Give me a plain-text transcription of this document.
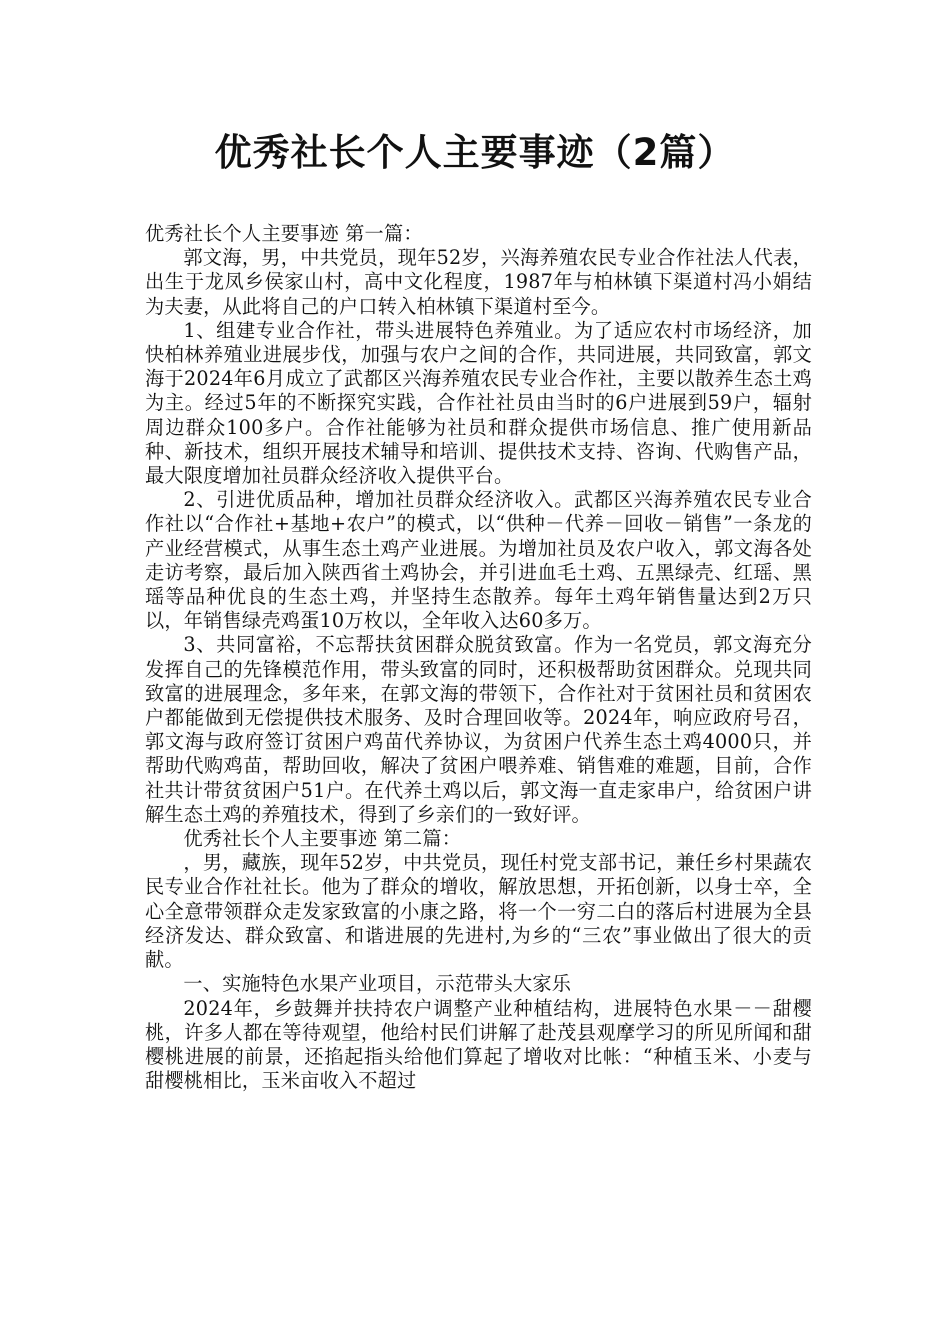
优秀社长个人主要事迹（2篇）

优秀社长个人主要事迹 第一篇：

郭文海，男，中共党员，现年52岁，兴海养殖农民专业合作社法人代表，出生于龙凤乡侯家山村，高中文化程度，1987年与柏林镇下渠道村冯小娟结为夫妻，从此将自己的户口转入柏林镇下渠道村至今。

1、组建专业合作社，带头进展特色养殖业。为了适应农村市场经济，加快柏林养殖业进展步伐，加强与农户之间的合作，共同进展，共同致富，郭文海于2024年6月成立了武都区兴海养殖农民专业合作社，主要以散养生态土鸡为主。经过5年的不断探究实践，合作社社员由当时的6户进展到59户，辐射周边群众100多户。合作社能够为社员和群众提供市场信息、推广使用新品种、新技术，组织开展技术辅导和培训、提供技术支持、咨询、代购售产品，最大限度增加社员群众经济收入提供平台。

2、引进优质品种，增加社员群众经济收入。武都区兴海养殖农民专业合作社以“合作社+基地+农户”的模式，以“供种－代养－回收－销售”一条龙的产业经营模式，从事生态土鸡产业进展。为增加社员及农户收入，郭文海各处走访考察，最后加入陕西省土鸡协会，并引进血毛土鸡、五黑绿壳、红瑶、黑瑶等品种优良的生态土鸡，并坚持生态散养。每年土鸡年销售量达到2万只以，年销售绿壳鸡蛋10万枚以，全年收入达60多万。

3、共同富裕，不忘帮扶贫困群众脱贫致富。作为一名党员，郭文海充分发挥自己的先锋模范作用，带头致富的同时，还积极帮助贫困群众。兑现共同致富的进展理念，多年来，在郭文海的带领下，合作社对于贫困社员和贫困农户都能做到无偿提供技术服务、及时合理回收等。2024年，响应政府号召，郭文海与政府签订贫困户鸡苗代养协议，为贫困户代养生态土鸡4000只，并帮助代购鸡苗，帮助回收，解决了贫困户喂养难、销售难的难题，目前，合作社共计带贫贫困户51户。在代养土鸡以后，郭文海一直走家串户，给贫困户讲解生态土鸡的养殖技术，得到了乡亲们的一致好评。

优秀社长个人主要事迹 第二篇：

，男，藏族，现年52岁，中共党员，现任村党支部书记，兼任乡村果蔬农民专业合作社社长。他为了群众的增收，解放思想，开拓创新，以身士卒，全心全意带领群众走发家致富的小康之路，将一个一穷二白的落后村进展为全县经济发达、群众致富、和谐进展的先进村,为乡的“三农”事业做出了很大的贡献。

一、实施特色水果产业项目，示范带头大家乐

2024年，乡鼓舞并扶持农户调整产业种植结构，进展特色水果－－甜樱桃，许多人都在等待观望，他给村民们讲解了赴茂县观摩学习的所见所闻和甜樱桃进展的前景，还掐起指头给他们算起了增收对比帐：“种植玉米、小麦与甜樱桃相比，玉米亩收入不超过
